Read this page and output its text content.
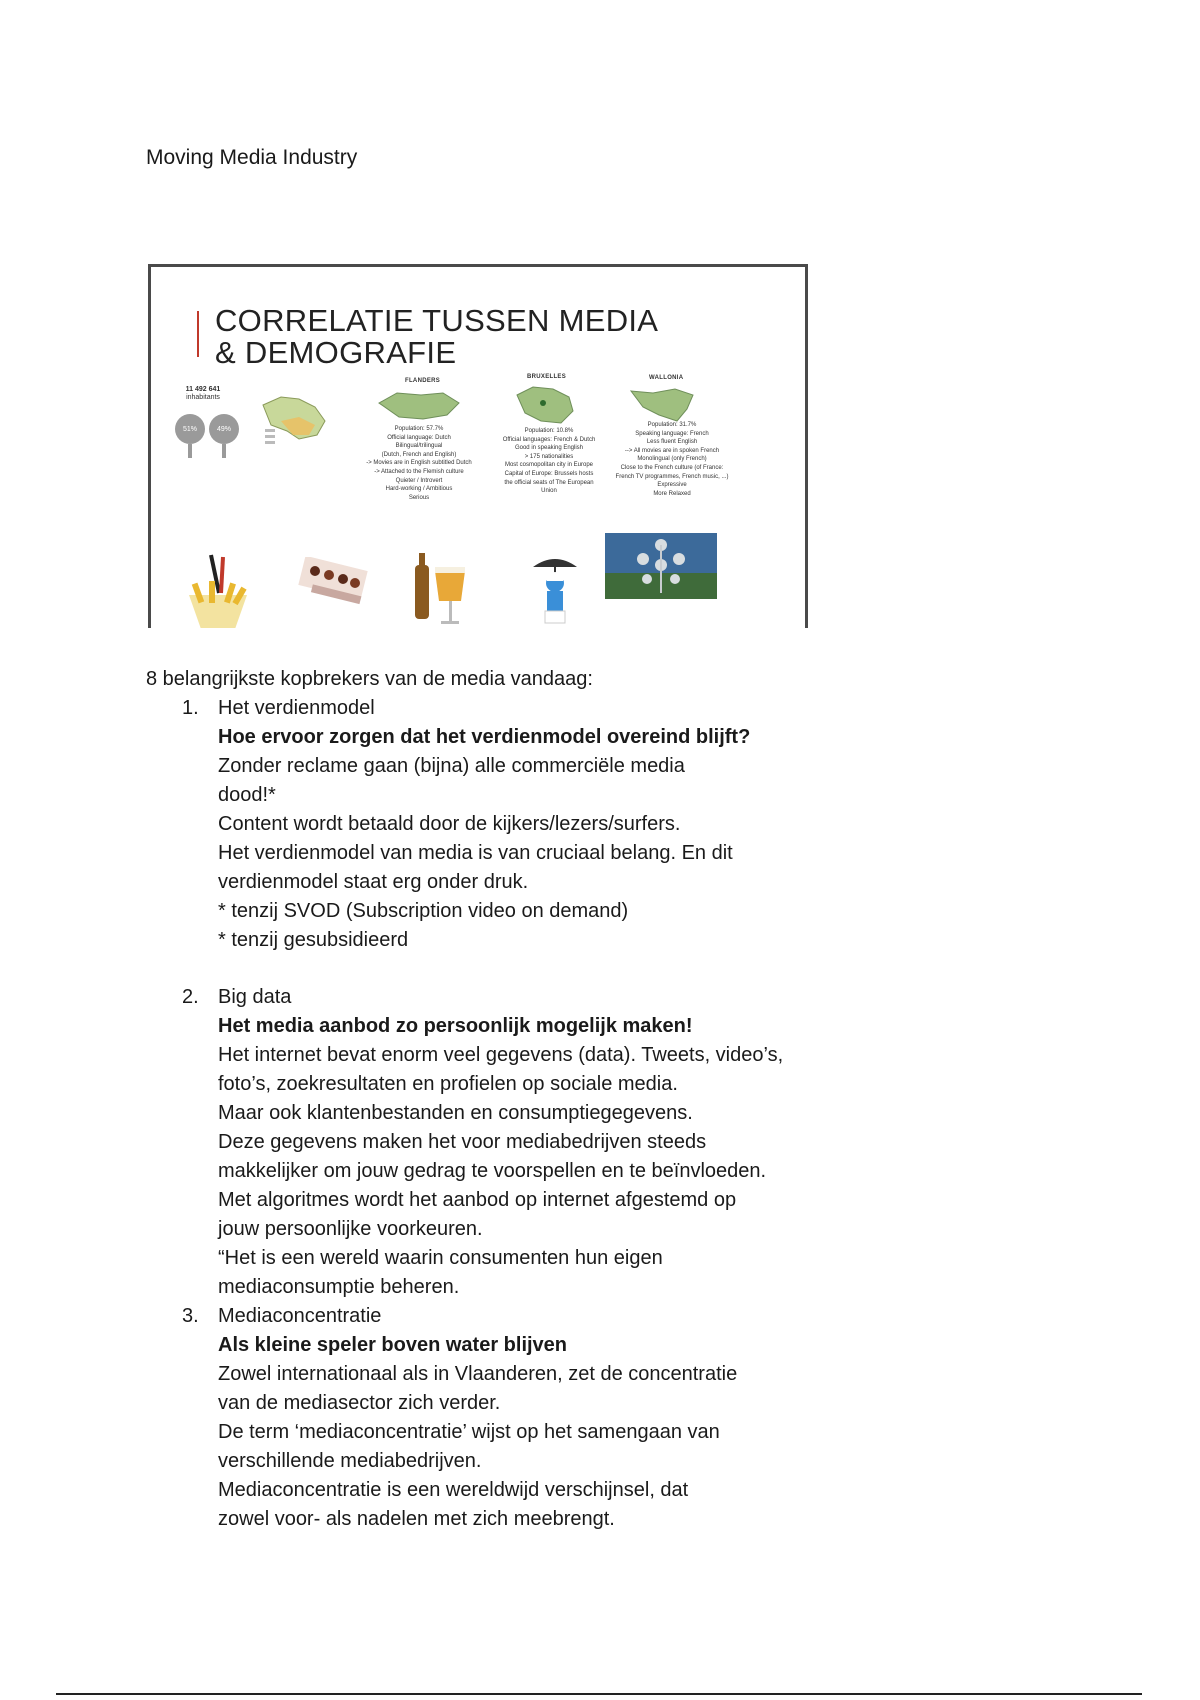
Moving Media Industry
CORRELATIE TUSSEN MEDIA
& DEMOGRAFIE
11 492 641
inhabitants
51%	49%
FLANDERS
Population: 57.7%
Official language: Dutch
Bilingual/trilingual
(Dutch, French and English)
-> Movies are in English subtitled Dutch
-> Attached to the Flemish culture
Quieter / Introvert
Hard-working / Ambitious
Serious
BRUXELLES
Population: 10.8%
Official languages: French & Dutch
Good in speaking English
> 175 nationalities
Most cosmopolitan city in Europe
Capital of Europe: Brussels hosts
the official seats of The European
Union
WALLONIA
Population: 31.7%
Speaking language: French
Less fluent English
--> All movies are in spoken French
Monolingual (only French)
Close to the French culture (of France:
French TV programmes, French music, ...)
Expressive
More Relaxed
8 belangrijkste kopbrekers van de media vandaag:
1. Het verdienmodel
Hoe ervoor zorgen dat het verdienmodel overeind blijft?
Zonder reclame gaan (bijna) alle commerciële media
dood!*
Content wordt betaald door de kijkers/lezers/surfers.
Het verdienmodel van media is van cruciaal belang. En dit
verdienmodel staat erg onder druk.
* tenzij SVOD (Subscription video on demand)
* tenzij gesubsidieerd
2. Big data
Het media aanbod zo persoonlijk mogelijk maken!
Het internet bevat enorm veel gegevens (data). Tweets, video’s,
foto’s, zoekresultaten en profielen op sociale media.
Maar ook klantenbestanden en consumptiegegevens.
Deze gegevens maken het voor mediabedrijven steeds
makkelijker om jouw gedrag te voorspellen en te beïnvloeden.
Met algoritmes wordt het aanbod op internet afgestemd op
jouw persoonlijke voorkeuren.
“Het is een wereld waarin consumenten hun eigen
mediaconsumptie beheren.
3. Mediaconcentratie
Als kleine speler boven water blijven
Zowel internationaal als in Vlaanderen, zet de concentratie
van de mediasector zich verder.
De term ‘mediaconcentratie’ wijst op het samengaan van
verschillende mediabedrijven.
Mediaconcentratie is een wereldwijd verschijnsel, dat
zowel voor- als nadelen met zich meebrengt.
